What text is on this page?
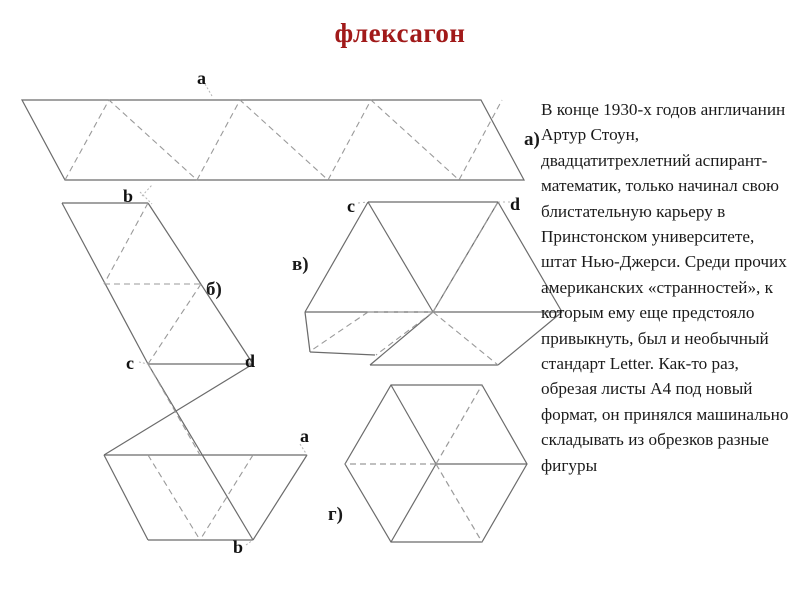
флексагон
а)
б)
в)
г)
a
b
c	d
a
b
c	d
В конце 1930-х годов англичанин Артур Стоун, двадцатитрехлетний аспирант-математик, только начинал свою блистательную карьеру в Принстонском университете, штат Нью-Джерси. Среди прочих американских «странностей», к которым ему еще предстояло привыкнуть, был и необычный стандарт Letter. Как-то раз, обрезая листы А4 под новый формат, он принялся машинально складывать из обрезков разные фигуры
